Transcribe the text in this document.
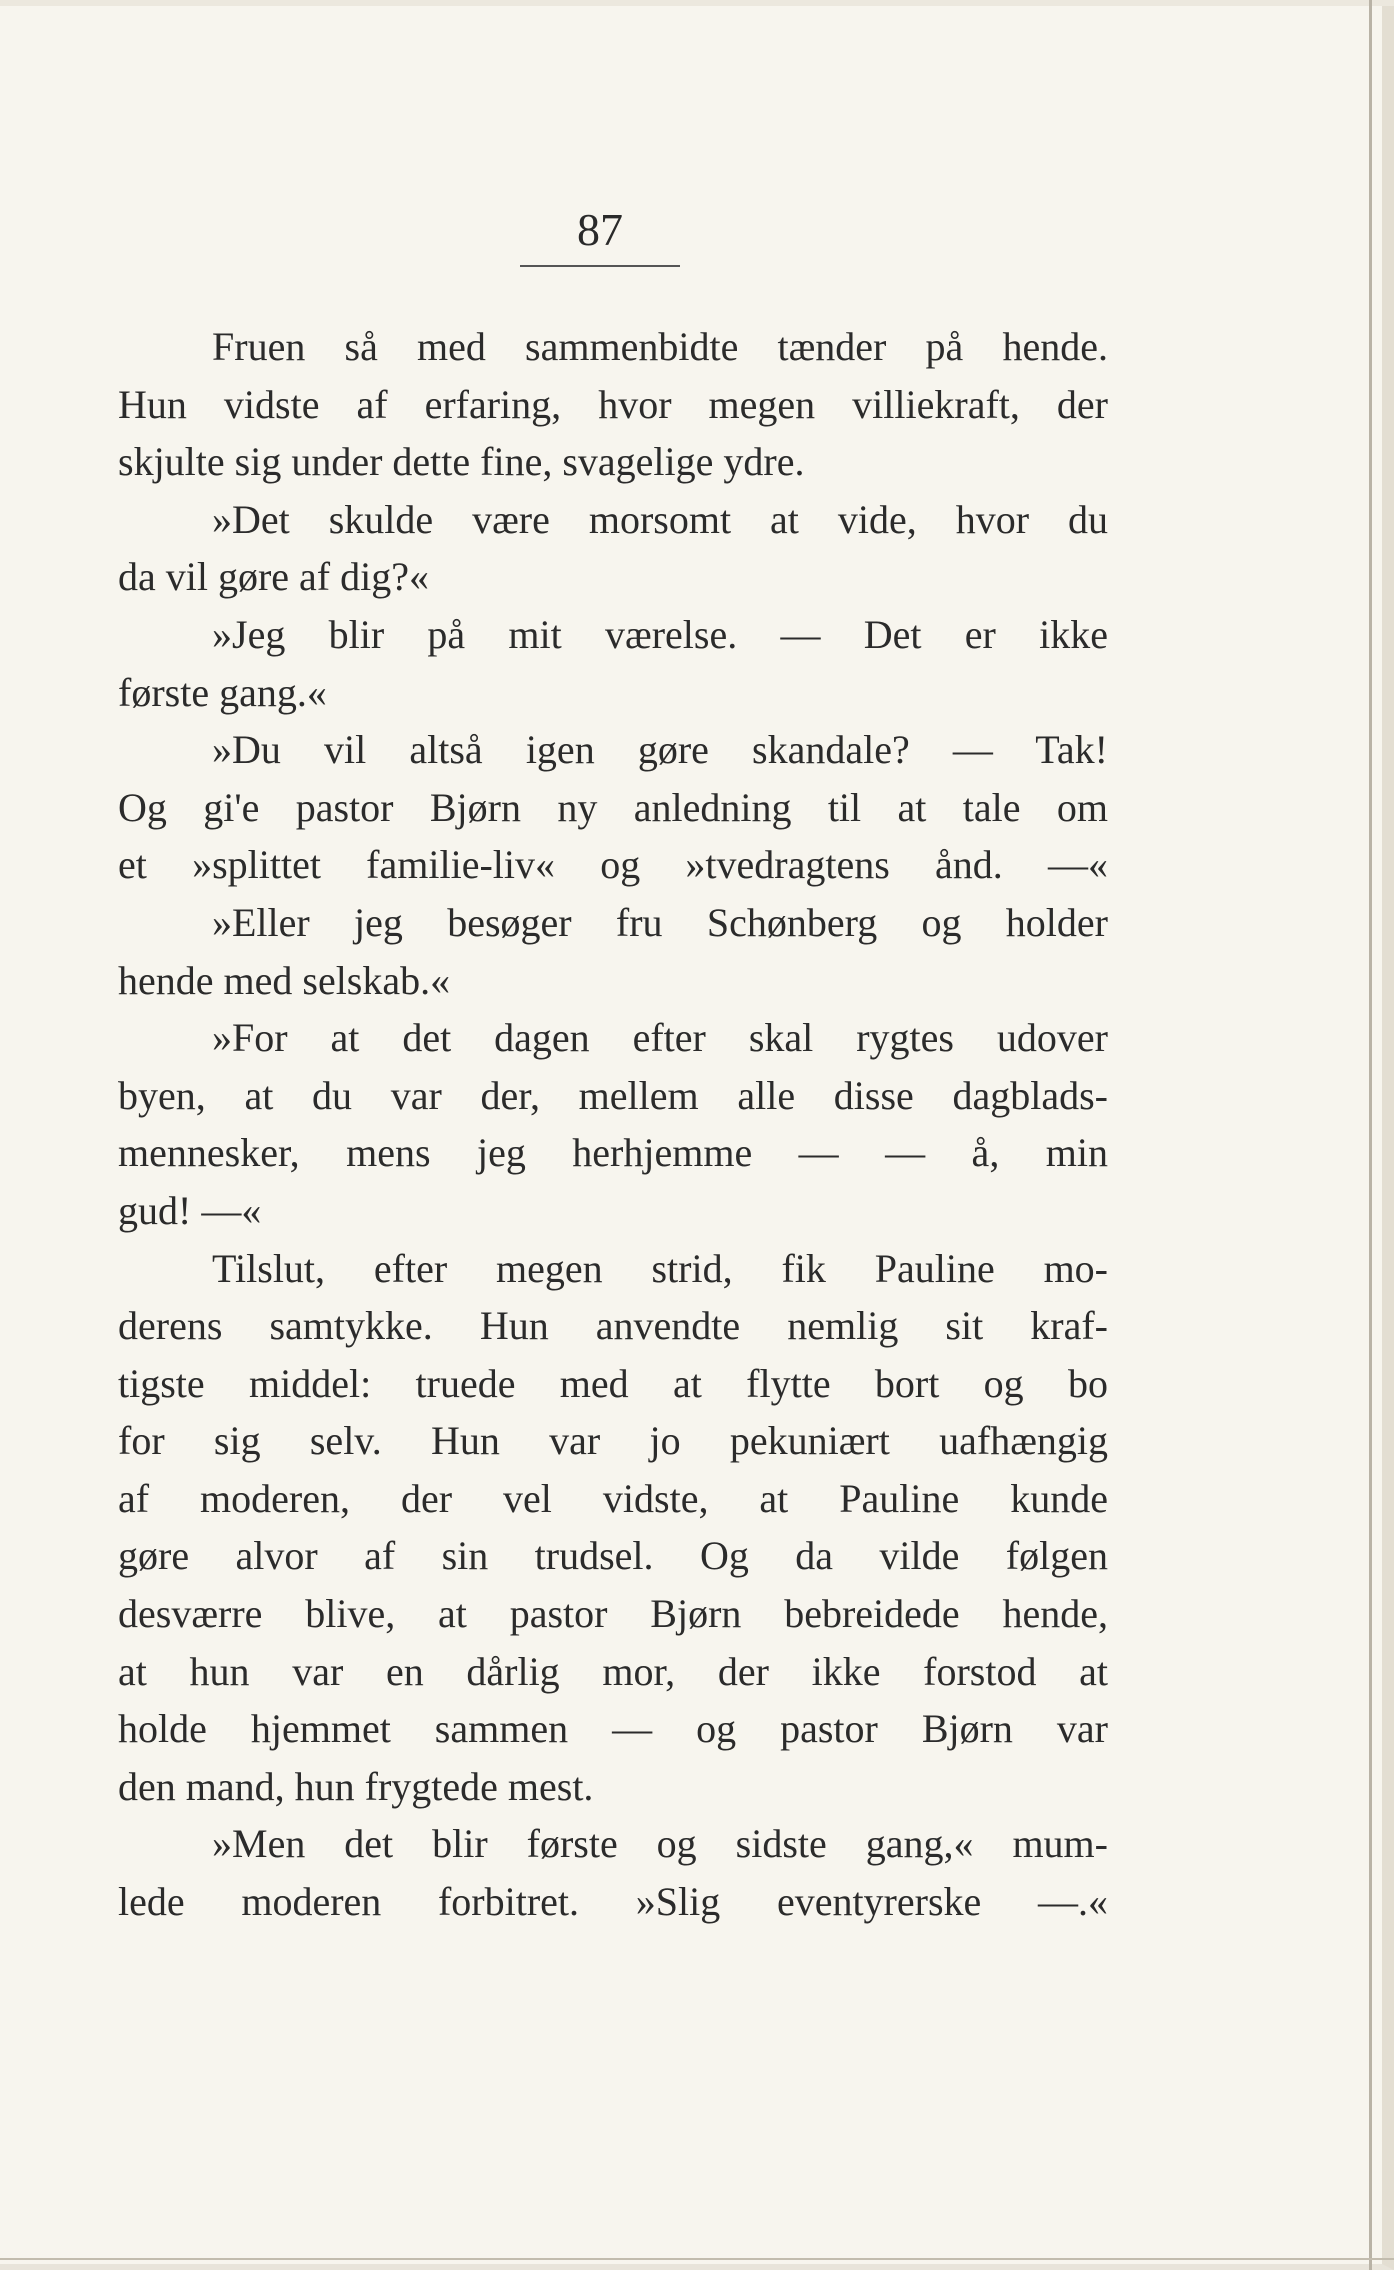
87
Fruen så med sammenbidte tænder på hende.
Hun vidste af erfaring, hvor megen villiekraft, der
skjulte sig under dette fine, svagelige ydre.
»Det skulde være morsomt at vide, hvor du
da vil gøre af dig?«
»Jeg blir på mit værelse. — Det er ikke
første gang.«
»Du vil altså igen gøre skandale? — Tak!
Og gi'e pastor Bjørn ny anledning til at tale om
et »splittet familie-liv« og »tvedragtens ånd. —«
»Eller jeg besøger fru Schønberg og holder
hende med selskab.«
»For at det dagen efter skal rygtes udover
byen, at du var der, mellem alle disse dagblads-
mennesker, mens jeg herhjemme — — å, min
gud! —«
Tilslut, efter megen strid, fik Pauline mo-
derens samtykke. Hun anvendte nemlig sit kraf-
tigste middel: truede med at flytte bort og bo
for sig selv. Hun var jo pekuniært uafhængig
af moderen, der vel vidste, at Pauline kunde
gøre alvor af sin trudsel. Og da vilde følgen
desværre blive, at pastor Bjørn bebreidede hende,
at hun var en dårlig mor, der ikke forstod at
holde hjemmet sammen — og pastor Bjørn var
den mand, hun frygtede mest.
»Men det blir første og sidste gang,« mum-
lede moderen forbitret. »Slig eventyrerske —.«
